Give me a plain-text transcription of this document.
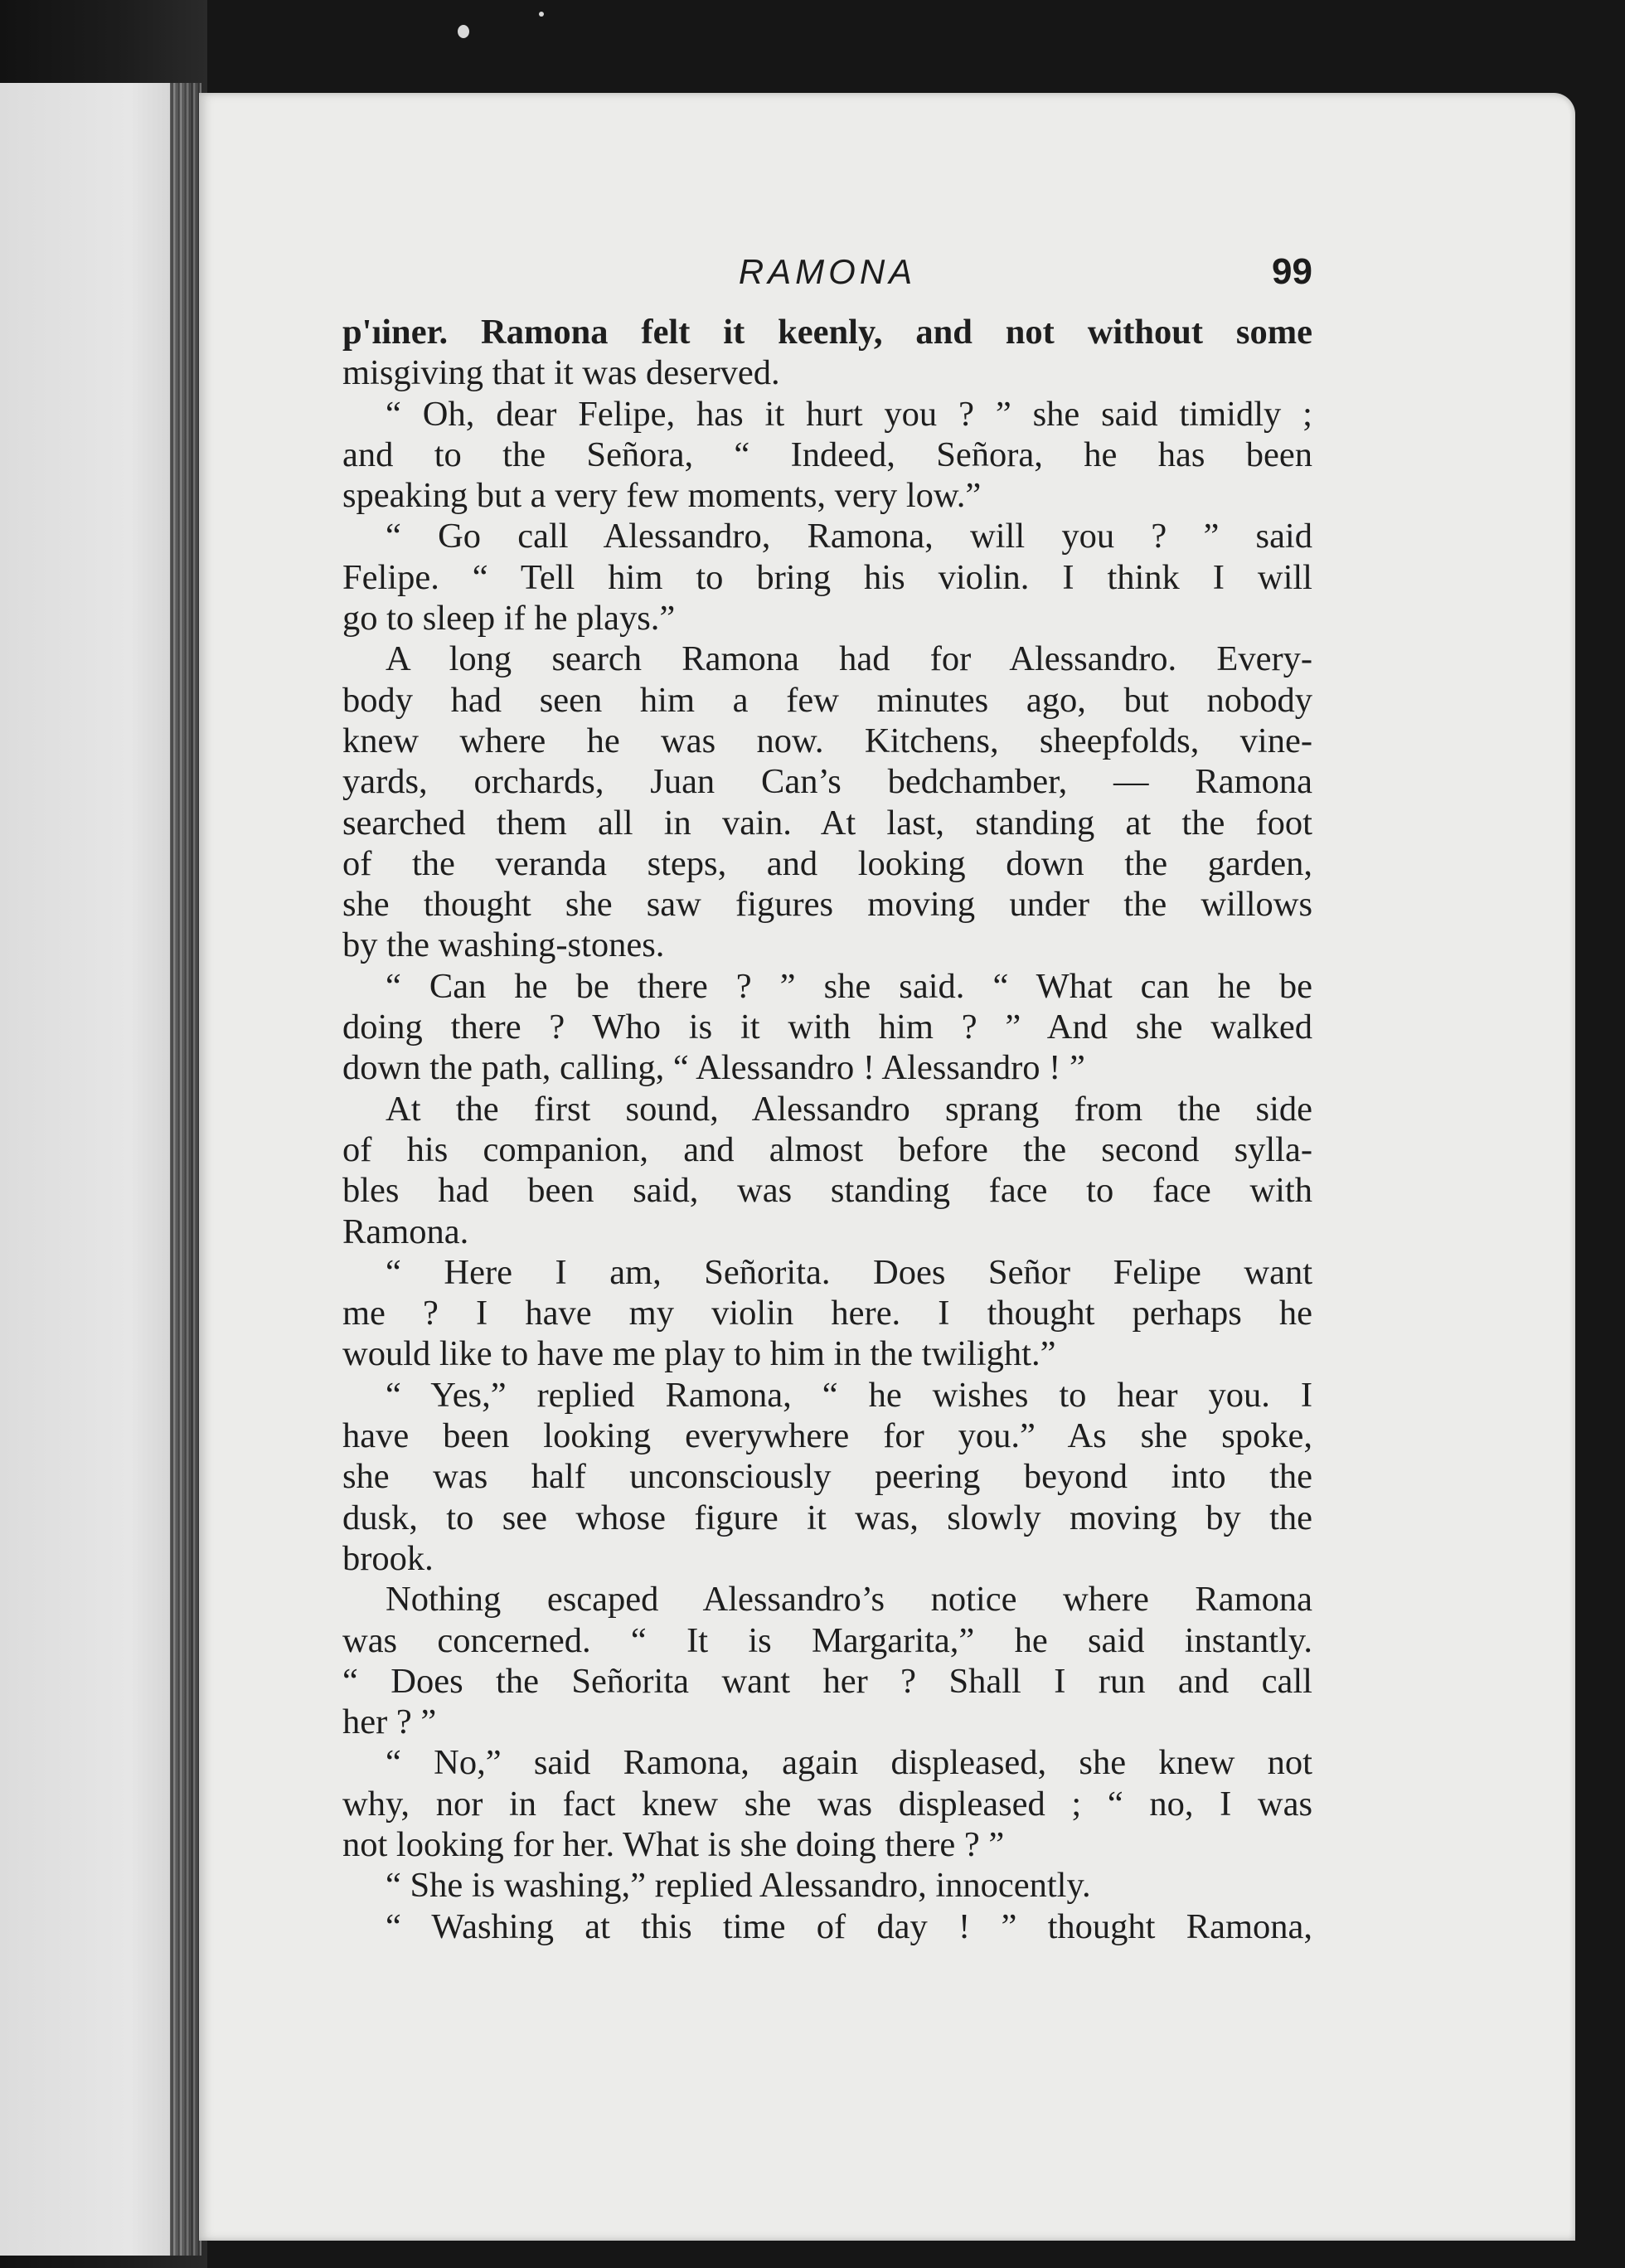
RAMONA	99
p'ıiner. Ramona felt it keenly, and not without some
misgiving that it was deserved.
“ Oh, dear Felipe, has it hurt you ? ” she said timidly ;
and to the Señora, “ Indeed, Señora, he has been
speaking but a very few moments, very low.”
“ Go call Alessandro, Ramona, will you ? ” said
Felipe. “ Tell him to bring his violin. I think I will
go to sleep if he plays.”
A long search Ramona had for Alessandro. Every-
body had seen him a few minutes ago, but nobody
knew where he was now. Kitchens, sheepfolds, vine-
yards, orchards, Juan Can’s bedchamber, — Ramona
searched them all in vain. At last, standing at the foot
of the veranda steps, and looking down the garden,
she thought she saw figures moving under the willows
by the washing-stones.
“ Can he be there ? ” she said. “ What can he be
doing there ? Who is it with him ? ” And she walked
down the path, calling, “ Alessandro ! Alessandro ! ”
At the first sound, Alessandro sprang from the side
of his companion, and almost before the second sylla-
bles had been said, was standing face to face with
Ramona.
“ Here I am, Señorita. Does Señor Felipe want
me ? I have my violin here. I thought perhaps he
would like to have me play to him in the twilight.”
“ Yes,” replied Ramona, “ he wishes to hear you. I
have been looking everywhere for you.” As she spoke,
she was half unconsciously peering beyond into the
dusk, to see whose figure it was, slowly moving by the
brook.
Nothing escaped Alessandro’s notice where Ramona
was concerned. “ It is Margarita,” he said instantly.
“ Does the Señorita want her ? Shall I run and call
her ? ”
“ No,” said Ramona, again displeased, she knew not
why, nor in fact knew she was displeased ; “ no, I was
not looking for her. What is she doing there ? ”
“ She is washing,” replied Alessandro, innocently.
“ Washing at this time of day ! ” thought Ramona,
